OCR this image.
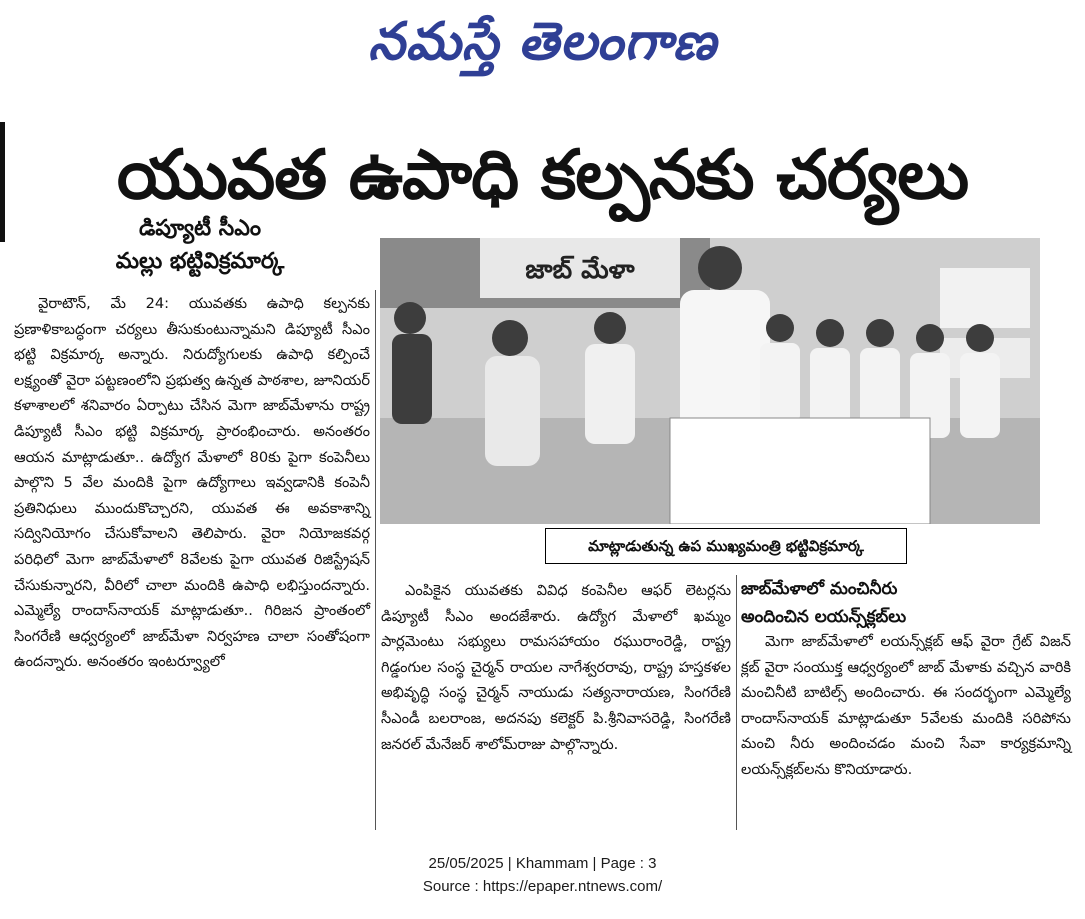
నమస్తే తెలంగాణ
యువత ఉపాధి కల్పనకు చర్యలు
డిప్యూటీ సీఎం
మల్లు భట్టివిక్రమార్క

వైరాటౌన్, మే 24: యువతకు ఉపాధి కల్పనకు ప్రణాళికాబద్ధంగా చర్యలు తీసుకుంటున్నామని డిప్యూటీ సీఎం భట్టి విక్రమార్క అన్నారు. నిరుద్యోగులకు ఉపాధి కల్పించే లక్ష్యంతో వైరా పట్టణంలోని ప్రభుత్వ ఉన్నత పాఠశాల, జూనియర్ కళాశాలలో శనివారం ఏర్పాటు చేసిన మెగా జాబ్‌మేళాను రాష్ట్ర డిప్యూటీ సీఎం భట్టి విక్రమార్క ప్రారంభించారు. అనంతరం ఆయన మాట్లాడుతూ.. ఉద్యోగ మేళాలో 80కు పైగా కంపెనీలు పాల్గొని 5 వేల మందికి పైగా ఉద్యోగాలు ఇవ్వడానికి కంపెనీ ప్రతినిధులు ముందుకొచ్చారని, యువత ఈ అవకాశాన్ని సద్వినియోగం చేసుకోవాలని తెలిపారు. వైరా నియోజకవర్గ పరిధిలో మెగా జాబ్‌మేళాలో 8వేలకు పైగా యువత రిజిస్ట్రేషన్ చేసుకున్నారని, వీరిలో చాలా మందికి ఉపాధి లభిస్తుందన్నారు. ఎమ్మెల్యే రాందాస్‌నాయక్ మాట్లాడుతూ.. గిరిజన ప్రాంతంలో సింగరేణి ఆధ్వర్యంలో జాబ్‌మేళా నిర్వహణ చాలా సంతోషంగా ఉందన్నారు. అనంతరం ఇంటర్వ్యూలో

జాబ్ మేళా
మాట్లాడుతున్న ఉప ముఖ్యమంత్రి భట్టివిక్రమార్క

ఎంపికైన యువతకు వివిధ కంపెనీల ఆఫర్ లెటర్లను డిప్యూటీ సీఎం అందజేశారు. ఉద్యోగ మేళాలో ఖమ్మం పార్లమెంటు సభ్యులు రామసహాయం రఘురాంరెడ్డి, రాష్ట్ర గిడ్డంగుల సంస్థ చైర్మన్ రాయల నాగేశ్వరరావు, రాష్ట్ర హస్తకళల అభివృద్ధి సంస్థ చైర్మన్ నాయుడు సత్యనారాయణ, సింగరేణి సీఎండీ బలరాంజ, అదనపు కలెక్టర్ పి.శ్రీనివాసరెడ్డి, సింగరేణి జనరల్ మేనేజర్ శాలోమ్‌రాజు పాల్గొన్నారు.

జాబ్‌మేళాలో మంచినీరు
అందించిన లయన్స్‌క్లబ్‌లు

మెగా జాబ్‌మేళాలో లయన్స్‌క్లబ్ ఆఫ్ వైరా గ్రేట్ విజన్ క్లబ్ వైరా సంయుక్త ఆధ్వర్యంలో జాబ్ మేళాకు వచ్చిన వారికి మంచినీటి బాటిల్స్ అందించారు. ఈ సందర్భంగా ఎమ్మెల్యే రాందాస్‌నాయక్ మాట్లాడుతూ 5వేలకు మందికి సరిపోను మంచి నీరు అందించడం మంచి సేవా కార్యక్రమాన్ని లయన్స్‌క్లబ్‌లను కొనియాడారు.

25/05/2025 | Khammam | Page : 3
Source : https://epaper.ntnews.com/
